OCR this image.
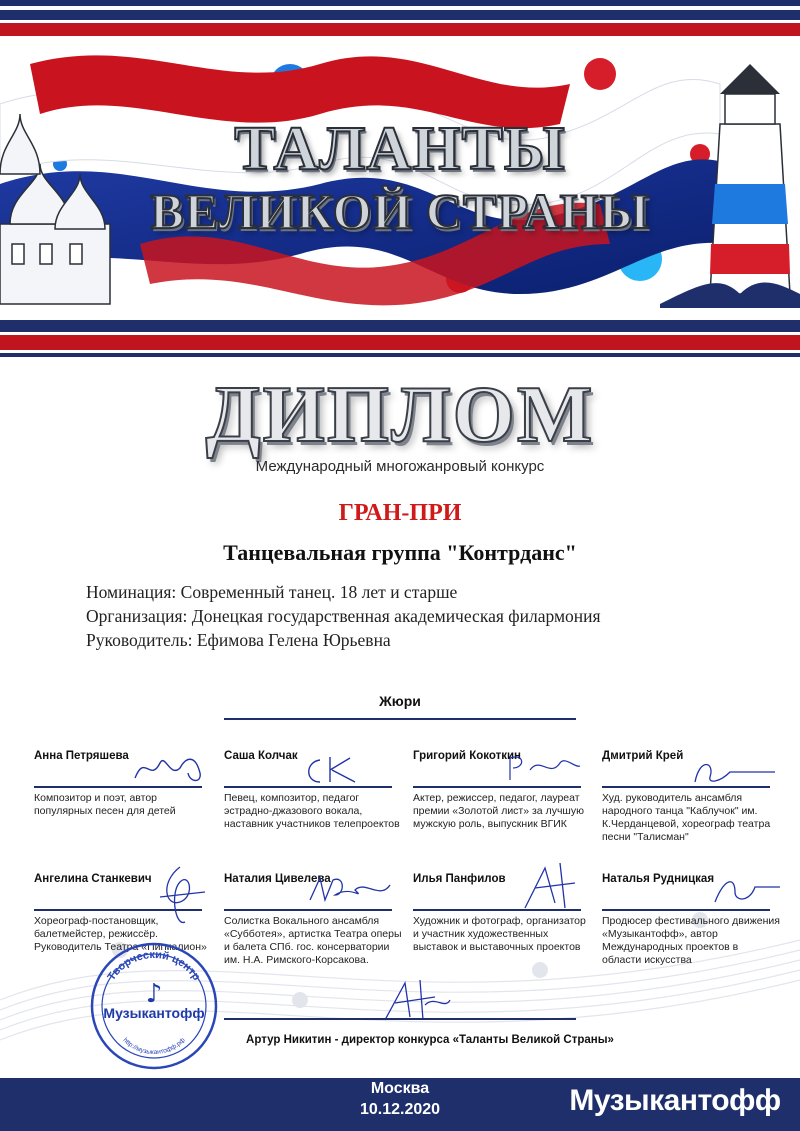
ТАЛАНТЫ
ВЕЛИКОЙ СТРАНЫ
ДИПЛОМ
Международный многожанровый конкурс
ГРАН-ПРИ
Танцевальная группа "Контрданс"
Номинация: Современный танец. 18 лет и старше
Организация: Донецкая государственная академическая филармония
Руководитель: Ефимова Гелена Юрьевна
Жюри
Анна Петряшева
Композитор и поэт, автор популярных песен для детей
Саша Колчак
Певец, композитор, педагог эстрадно-джазового вокала, наставник участников телепроектов
Григорий Кокоткин
Актер, режиссер, педагог, лауреат премии «Золотой лист» за лучшую мужскую роль, выпускник ВГИК
Дмитрий Крей
Худ. руководитель ансамбля народного танца "Каблучок" им. К.Черданцевой, хореограф театра песни "Талисман"
Ангелина Станкевич
Хореограф-постановщик, балетмейстер, режиссёр. Руководитель Театра «Пигмалион»
Наталия Цивелева
Солистка Вокального ансамбля «Субботея», артистка Театра оперы и балета СПб. гос. консерватории им. Н.А. Римского-Корсакова.
Илья Панфилов
Художник и фотограф, организатор и участник художественных выставок и выставочных проектов
Наталья Рудницкая
Продюсер фестивального движения «Музыкантофф», автор Международных проектов в области искусства
Артур Никитин - директор конкурса «Таланты Великой Страны»
Творческий центр
http://музыкантофф.рф
Музыкантофф
♪
Москва
10.12.2020	Музыкантофф
